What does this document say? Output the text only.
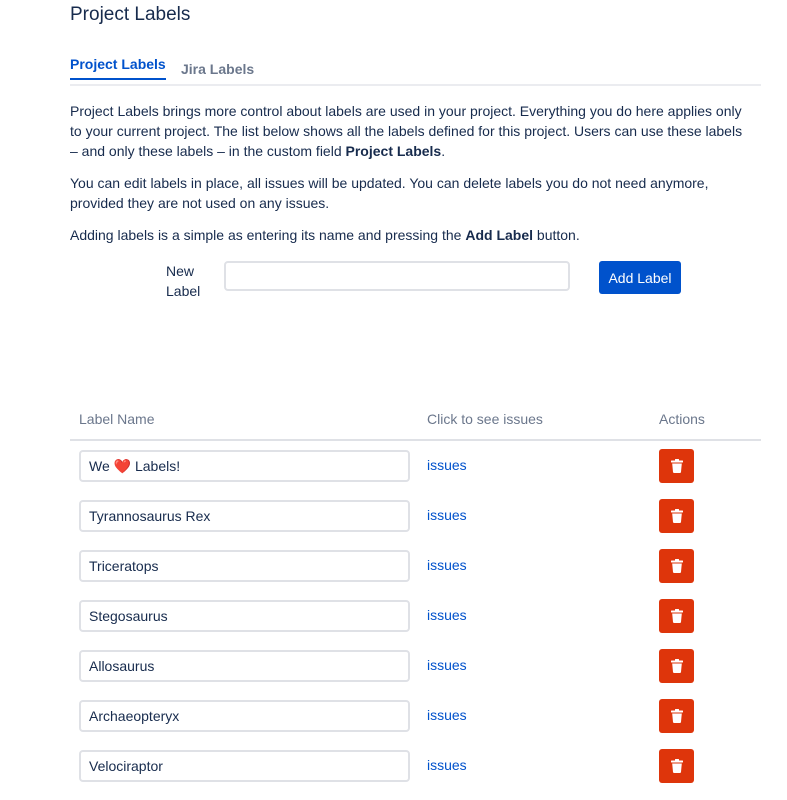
Project Labels
Project Labels Jira Labels

Project Labels brings more control about labels are used in your project. Everything you do here applies only to your current project. The list below shows all the labels defined for this project. Users can use these labels – and only these labels – in the custom field Project Labels.

You can edit labels in place, all issues will be updated. You can delete labels you do not need anymore, provided they are not used on any issues.

Adding labels is a simple as entering its name and pressing the Add Label button.

New Label
Add Label
Label Name	Click to see issues	Actions
We ❤️ Labels!
issues
Tyrannosaurus Rex
issues
Triceratops
issues
Stegosaurus
issues
Allosaurus
issues
Archaeopteryx
issues
Velociraptor
issues
